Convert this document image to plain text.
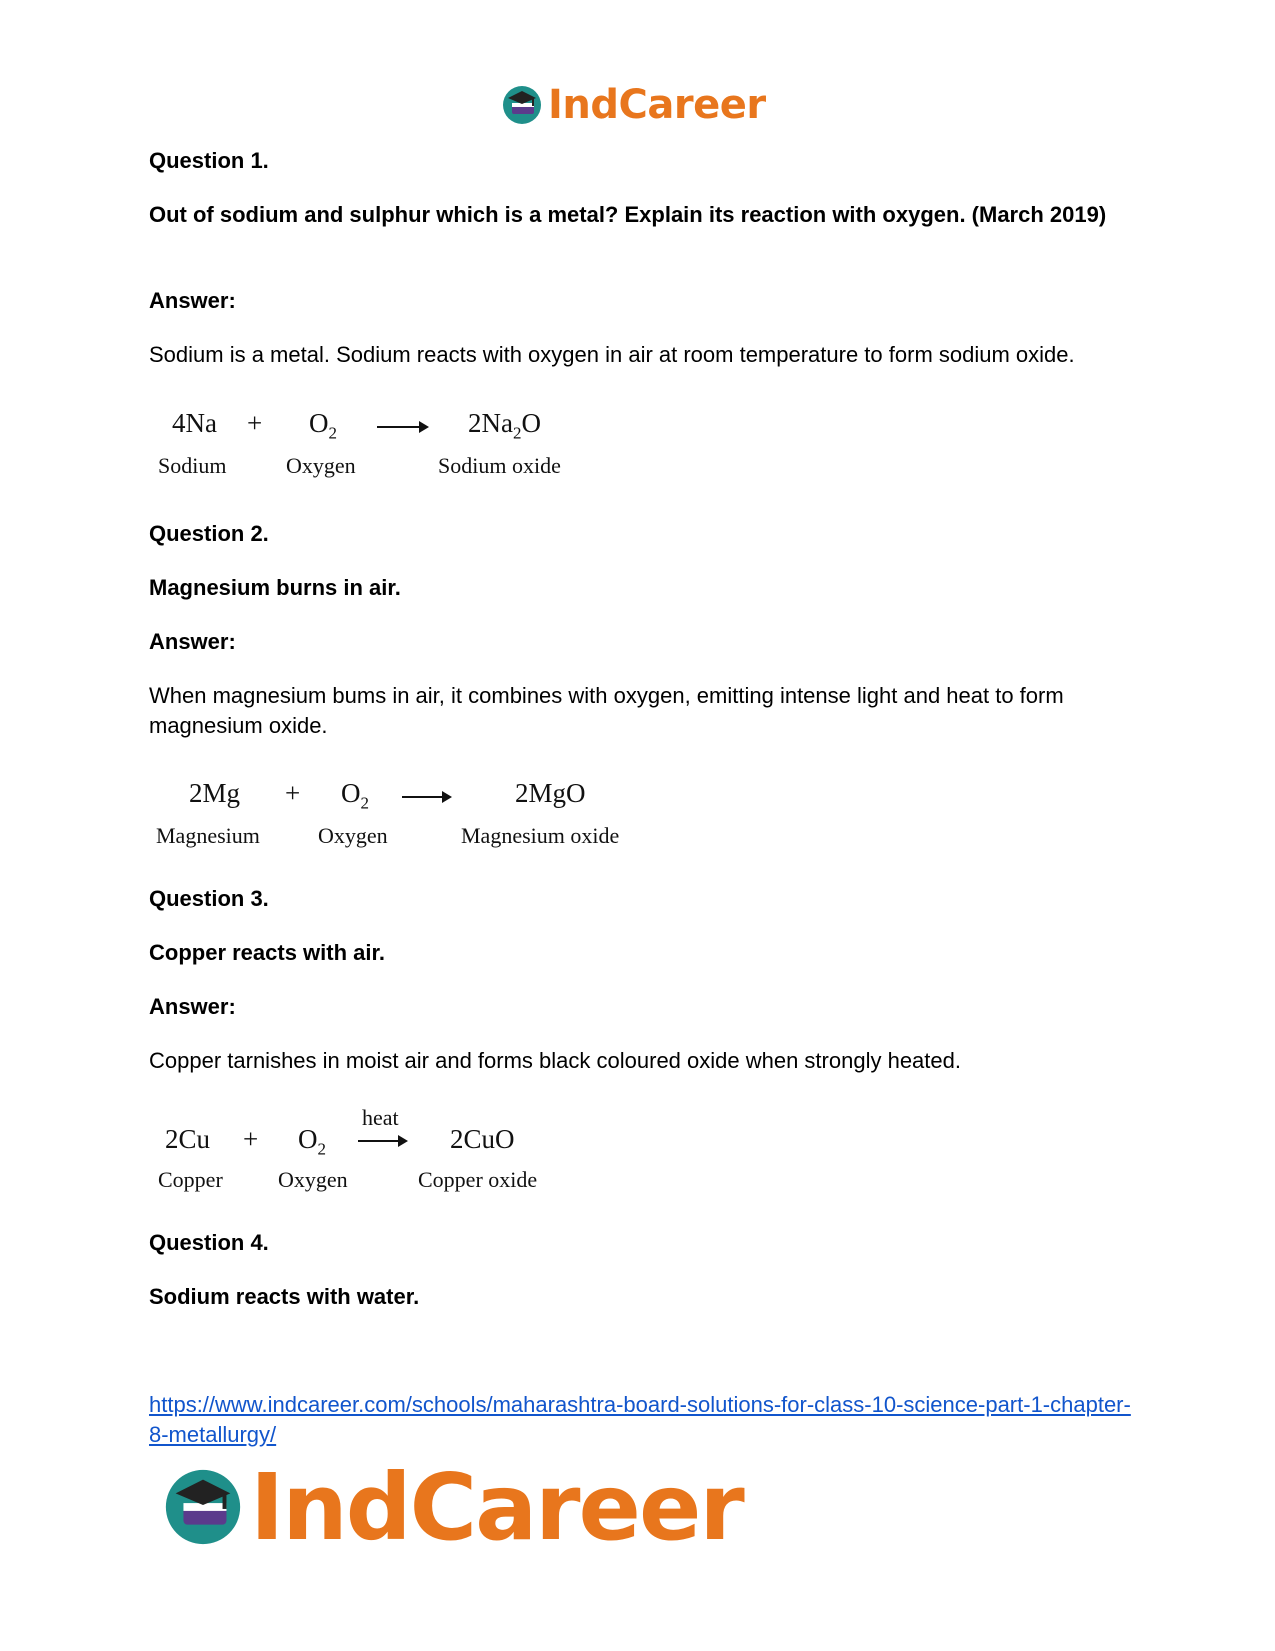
IndCareer
Question 1.
Out of sodium and sulphur which is a metal? Explain its reaction with oxygen. (March 2019)
Answer:
Sodium is a metal. Sodium reacts with oxygen in air at room temperature to form sodium oxide.
$4Na + O_2$	$2Na_2O$
Sodium	Oxygen	Sodium oxide
Question 2.
Magnesium burns in air.
Answer:
When magnesium bums in air, it combines with oxygen, emitting intense light and heat to form magnesium oxide.
$2Mg + O_2$	2MgO
Magnesium	Oxygen	Magnesium oxide
Question 3.
Copper reacts with air.
Answer:
Copper tarnishes in moist air and forms black coloured oxide when strongly heated.
heat
$2Cu + O_2$	2CuO
Copper	Oxygen	Copper oxide
Question 4.
Sodium reacts with water.
https://www.indcareer.com/schools/maharashtra-board-solutions-for-class-10-science-part-1-chapter-8-metallurgy/
IndCareer
